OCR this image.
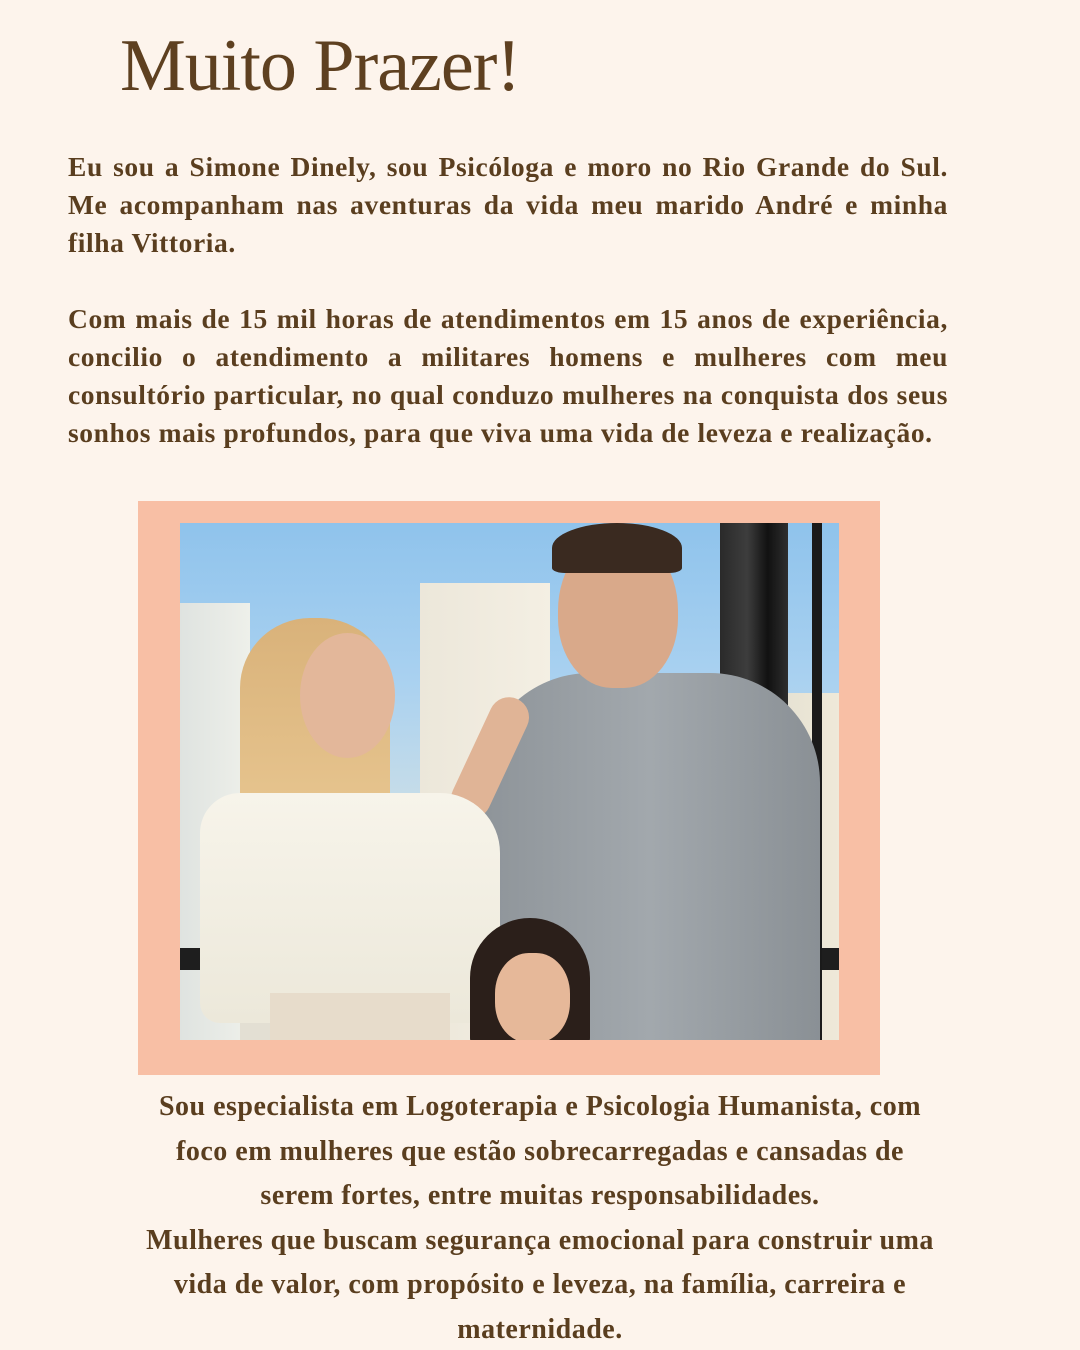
Muito Prazer!

Eu sou a Simone Dinely, sou Psicóloga e moro no Rio Grande do Sul. Me acompanham nas aventuras da vida meu marido André e minha filha Vittoria.

Com mais de 15 mil horas de atendimentos em 15 anos de experiência, concilio o atendimento a militares homens e mulheres com meu consultório particular, no qual conduzo mulheres na conquista dos seus sonhos mais profundos, para que viva uma vida de leveza e realização.

Sou especialista em Logoterapia e Psicologia Humanista, com
foco em mulheres que estão sobrecarregadas e cansadas de
serem fortes, entre muitas responsabilidades.
Mulheres que buscam segurança emocional para construir uma
vida de valor, com propósito e leveza, na família, carreira e
maternidade.
